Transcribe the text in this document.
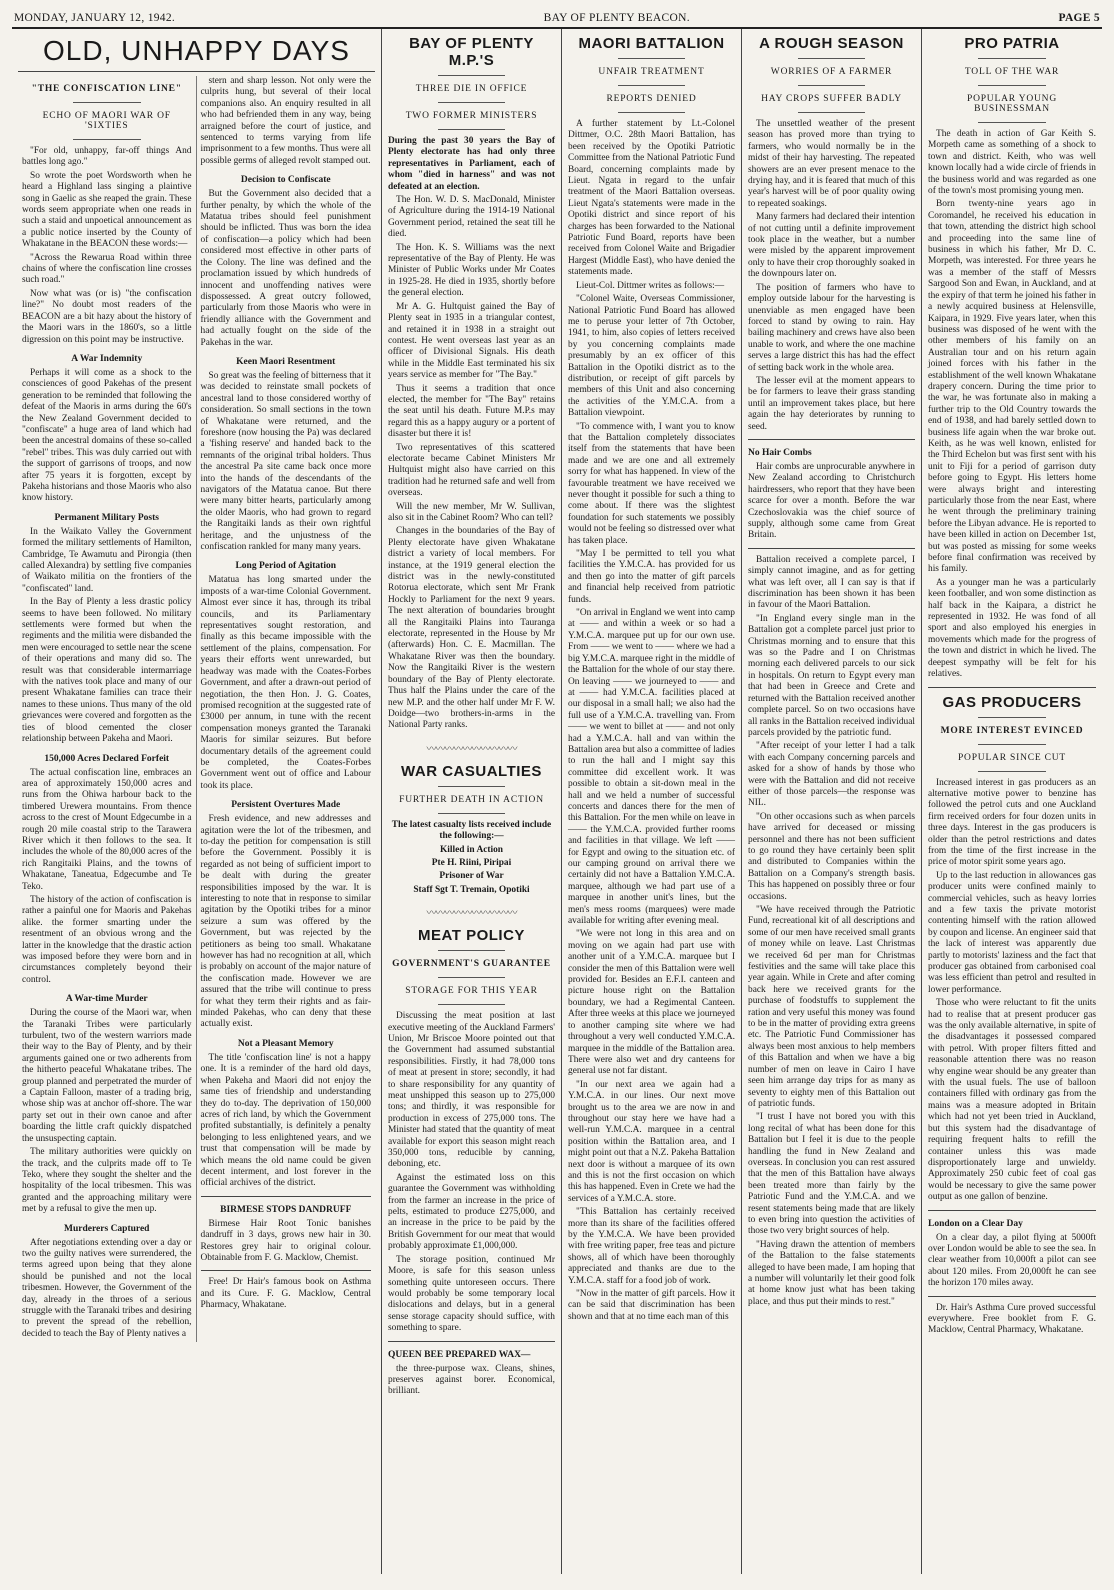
MONDAY, JANUARY 12, 1942.	BAY OF PLENTY BEACON.	PAGE 5
OLD, UNHAPPY DAYS
"THE CONFISCATION LINE"
ECHO OF MAORI WAR OF 'SIXTIES

"For old, unhappy, far-off things And battles long ago."

So wrote the poet Wordsworth when he heard a Highland lass singing a plaintive song in Gaelic as she reaped the grain. These words seem appropriate when one reads in such a staid and unpoetical announcement as a public notice inserted by the County of Whakatane in the BEACON these words:—

"Across the Rewarua Road within three chains of where the confiscation line crosses such road."

Now what was (or is) "the confiscation line?" No doubt most readers of the BEACON are a bit hazy about the history of the Maori wars in the 1860's, so a little digression on this point may be instructive.

A War Indemnity

Perhaps it will come as a shock to the consciences of good Pakehas of the present generation to be reminded that following the defeat of the Maoris in arms during the 60's the New Zealand Government decided to "confiscate" a huge area of land which had been the ancestral domains of these so-called "rebel" tribes. This was duly carried out with the support of garrisons of troops, and now after 75 years it is forgotten, except by Pakeha historians and those Maoris who also know history.

Permanent Military Posts

In the Waikato Valley the Government formed the military settlements of Hamilton, Cambridge, Te Awamutu and Pirongia (then called Alexandra) by settling five companies of Waikato militia on the frontiers of the "confiscated" land.

In the Bay of Plenty a less drastic policy seems to have been followed. No military settlements were formed but when the regiments and the militia were disbanded the men were encouraged to settle near the scene of their operations and many did so. The result was that considerable intermarriage with the natives took place and many of our present Whakatane families can trace their names to these unions. Thus many of the old grievances were covered and forgotten as the ties of blood cemented the closer relationship between Pakeha and Maori.

150,000 Acres Declared Forfeit

The actual confiscation line, embraces an area of approximately 150,000 acres and runs from the Ohiwa harbour back to the timbered Urewera mountains. From thence across to the crest of Mount Edgecumbe in a rough 20 mile coastal strip to the Tarawera River which it then follows to the sea. It includes the whole of the 80,000 acres of the rich Rangitaiki Plains, and the towns of Whakatane, Taneatua, Edgecumbe and Te Teko.

The history of the action of confiscation is rather a painful one for Maoris and Pakehas alike. the former smarting under the resentment of an obvious wrong and the latter in the knowledge that the drastic action was imposed before they were born and in circumstances completely beyond their control.

A War-time Murder

During the course of the Maori war, when the Taranaki Tribes were particularly turbulent, two of the western warriors made their way to the Bay of Plenty, and by their arguments gained one or two adherents from the hitherto peaceful Whakatane tribes. The group planned and perpetrated the murder of a Captain Falloon, master of a trading brig, whose ship was at anchor off-shore. The war party set out in their own canoe and after boarding the little craft quickly dispatched the unsuspecting captain.

The military authorities were quickly on the track, and the culprits made off to Te Teko, where they sought the shelter and the hospitality of the local tribesmen. This was granted and the approaching military were met by a refusal to give the men up.

Murderers Captured

After negotiations extending over a day or two the guilty natives were surrendered, the terms agreed upon being that they alone should be punished and not the local tribesmen. However, the Government of the day, already in the throes of a serious struggle with the Taranaki tribes and desiring to prevent the spread of the rebellion, decided to teach the Bay of Plenty natives a

stern and sharp lesson. Not only were the culprits hung, but several of their local companions also. An enquiry resulted in all who had befriended them in any way, being arraigned before the court of justice, and sentenced to terms varying from life imprisonment to a few months. Thus were all possible germs of alleged revolt stamped out.

Decision to Confiscate

But the Government also decided that a further penalty, by which the whole of the Matatua tribes should feel punishment should be inflicted. Thus was born the idea of confiscation—a policy which had been considered most effective in other parts of the Colony. The line was defined and the proclamation issued by which hundreds of innocent and unoffending natives were dispossessed. A great outcry followed, particularly from those Maoris who were in friendly alliance with the Government and had actually fought on the side of the Pakehas in the war.

Keen Maori Resentment

So great was the feeling of bitterness that it was decided to reinstate small pockets of ancestral land to those considered worthy of consideration. So small sections in the town of Whakatane were returned, and the foreshore (now housing the Pa) was declared a 'fishing reserve' and handed back to the remnants of the original tribal holders. Thus the ancestral Pa site came back once more into the hands of the descendants of the navigators of the Matatua canoe. But there were many bitter hearts, particularly among the older Maoris, who had grown to regard the Rangitaiki lands as their own rightful heritage, and the unjustness of the confiscation rankled for many many years.

Long Period of Agitation

Matatua has long smarted under the imposts of a war-time Colonial Government. Almost ever since it has, through its tribal councils, and its Parliamentary representatives sought restoration, and finally as this became impossible with the settlement of the plains, compensation. For years their efforts went unrewarded, but headway was made with the Coates-Forbes Government, and after a drawn-out period of negotiation, the then Hon. J. G. Coates, promised recognition at the suggested rate of £3000 per annum, in tune with the recent compensation moneys granted the Taranaki Maoris for similar seizures. But before documentary details of the agreement could be completed, the Coates-Forbes Government went out of office and Labour took its place.

Persistent Overtures Made

Fresh evidence, and new addresses and agitation were the lot of the tribesmen, and to-day the petition for compensation is still before the Government. Possibly it is regarded as not being of sufficient import to be dealt with during the greater responsibilities imposed by the war. It is interesting to note that in response to similar agitation by the Opotiki tribes for a minor seizure a sum was offered by the Government, but was rejected by the petitioners as being too small. Whakatane however has had no recognition at all, which is probably on account of the major nature of the confiscation made. However we are assured that the tribe will continue to press for what they term their rights and as fair-minded Pakehas, who can deny that these actually exist.

Not a Pleasant Memory

The title 'confiscation line' is not a happy one. It is a reminder of the hard old days, when Pakeha and Maori did not enjoy the same ties of friendship and understanding they do to-day. The deprivation of 150,000 acres of rich land, by which the Government profited substantially, is definitely a penalty belonging to less enlightened years, and we trust that compensation will be made by which means the old name could be given decent interment, and lost forever in the official archives of the district.

BIRMESE STOPS DANDRUFF

Birmese Hair Root Tonic banishes dandruff in 3 days, grows new hair in 30. Restores grey hair to original colour. Obtainable from F. G. Macklow, Chemist.

Free! Dr Hair's famous book on Asthma and its Cure. F. G. Macklow, Central Pharmacy, Whakatane.

BAY OF PLENTY M.P.'S
THREE DIE IN OFFICE
TWO FORMER MINISTERS

During the past 30 years the Bay of Plenty electorate has had only three representatives in Parliament, each of whom "died in harness" and was not defeated at an election.

The Hon. W. D. S. MacDonald, Minister of Agriculture during the 1914-19 National Government period, retained the seat till he died.

The Hon. K. S. Williams was the next representative of the Bay of Plenty. He was Minister of Public Works under Mr Coates in 1925-28. He died in 1935, shortly before the general election.

Mr A. G. Hultquist gained the Bay of Plenty seat in 1935 in a triangular contest, and retained it in 1938 in a straight out contest. He went overseas last year as an officer of Divisional Signals. His death while in the Middle East terminated his six years service as member for "The Bay."

Thus it seems a tradition that once elected, the member for "The Bay" retains the seat until his death. Future M.P.s may regard this as a happy augury or a portent of disaster but there it is!

Two representatives of this scattered electorate became Cabinet Ministers Mr Hultquist might also have carried on this tradition had he returned safe and well from overseas.

Will the new member, Mr W. Sullivan, also sit in the Cabinet Room? Who can tell?

Changes in the boundaries of the Bay of Plenty electorate have given Whakatane district a variety of local members. For instance, at the 1919 general election the district was in the newly-constituted Rotorua electorate, which sent Mr Frank Hockly to Parliament for the next 9 years. The next alteration of boundaries brought all the Rangitaiki Plains into Tauranga electorate, represented in the House by Mr (afterwards) Hon. C. E. Macmillan. The Whakatane River was then the boundary. Now the Rangitaiki River is the western boundary of the Bay of Plenty electorate. Thus half the Plains under the care of the new M.P. and the other half under Mr F. W. Doidge—two brothers-in-arms in the National Party ranks.

〰〰〰〰〰〰〰〰〰〰
WAR CASUALTIES
FURTHER DEATH IN ACTION

The latest casualty lists received include the following:—

Killed in Action

Pte H. Riini, Piripai

Prisoner of War

Staff Sgt T. Tremain, Opotiki

〰〰〰〰〰〰〰〰〰〰
MEAT POLICY
GOVERNMENT'S GUARANTEE
STORAGE FOR THIS YEAR

Discussing the meat position at last executive meeting of the Auckland Farmers' Union, Mr Briscoe Moore pointed out that the Government had assumed substantial responsibilities. Firstly, it had 78,000 tons of meat at present in store; secondly, it had to share responsibility for any quantity of meat unshipped this season up to 275,000 tons; and thirdly, it was responsible for production in excess of 275,000 tons. The Minister had stated that the quantity of meat available for export this season might reach 350,000 tons, reducible by canning, deboning, etc.

Against the estimated loss on this guarantee the Government was withholding from the farmer an increase in the price of pelts, estimated to produce £275,000, and an increase in the price to be paid by the British Government for our meat that would probably approximate £1,000,000.

The storage position, continued Mr Moore, is safe for this season unless something quite untoreseen occurs. There would probably be some temporary local dislocations and delays, but in a general sense storage capacity should suffice, with something to spare.

QUEEN BEE PREPARED WAX—

the three-purpose wax. Cleans, shines, preserves against borer. Economical, brilliant.

MAORI BATTALION
UNFAIR TREATMENT
REPORTS DENIED

A further statement by Lt.-Colonel Dittmer, O.C. 28th Maori Battalion, has been received by the Opotiki Patriotic Committee from the National Patriotic Fund Board, concerning complaints made by Lieut. Ngata in regard to the unfair treatment of the Maori Battalion overseas. Lieut Ngata's statements were made in the Opotiki district and since report of his charges has been forwarded to the National Patriotic Fund Board, reports have been received from Colonel Waite and Brigadier Hargest (Middle East), who have denied the statements made.

Lieut-Col. Dittmer writes as follows:—

"Colonel Waite, Overseas Commissioner, National Patriotic Fund Board has allowed me to peruse your letter of 7th October, 1941, to him, also copies of letters received by you concerning complaints made presumably by an ex officer of this Battalion in the Opotiki district as to the distribution, or receipt of gift parcels by members of this Unit and also concerning the activities of the Y.M.C.A. from a Battalion viewpoint.

"To commence with, I want you to know that the Battalion completely dissociates itself from the statements that have been made and we are one and all extremely sorry for what has happened. In view of the favourable treatment we have received we never thought it possible for such a thing to come about. If there was the slightest foundation for such statements we possibly would not be feeling so distressed over what has taken place.

"May I be permitted to tell you what facilities the Y.M.C.A. has provided for us and then go into the matter of gift parcels and financial help received from patriotic funds.

"On arrival in England we went into camp at —— and within a week or so had a Y.M.C.A. marquee put up for our own use. From —— we went to —— where we had a big Y.M.C.A. marquee right in the middle of the Battalion for the whole of our stay there. On leaving —— we journeyed to —— and at —— had Y.M.C.A. facilities placed at our disposal in a small hall; we also had the full use of a Y.M.C.A. travelling van. From —— we went to billet at —— and not only had a Y.M.C.A. hall and van within the Battalion area but also a committee of ladies to run the hall and I might say this committee did excellent work. It was possible to obtain a sit-down meal in the hall and we held a number of successful concerts and dances there for the men of this Battalion. For the men while on leave in —— the Y.M.C.A. provided further rooms and facilities in that village. We left —— for Egypt and owing to the situation etc. of our camping ground on arrival there we certainly did not have a Battalion Y.M.C.A. marquee, although we had part use of a marquee in another unit's lines, but the men's mess rooms (marquees) were made available for writing after evening meal.

"We were not long in this area and on moving on we again had part use with another unit of a Y.M.C.A. marquee but I consider the men of this Battalion were well provided for. Besides an E.F.I. canteen and picture house right on the Battalion boundary, we had a Regimental Canteen. After three weeks at this place we journeyed to another camping site where we had throughout a very well conducted Y.M.C.A. marquee in the middle of the Battalion area. There were also wet and dry canteens for general use not far distant.

"In our next area we again had a Y.M.C.A. in our lines. Our next move brought us to the area we are now in and throughout our stay here we have had a well-run Y.M.C.A. marquee in a central position within the Battalion area, and I might point out that a N.Z. Pakeha Battalion next door is without a marquee of its own and this is not the first occasion on which this has happened. Even in Crete we had the services of a Y.M.C.A. store.

"This Battalion has certainly received more than its share of the facilities offered by the Y.M.C.A. We have been provided with free writing paper, free teas and picture shows, all of which have been thoroughly appreciated and thanks are due to the Y.M.C.A. staff for a food job of work.

"Now in the matter of gift parcels. How it can be said that discrimination has been shown and that at no time each man of this

A ROUGH SEASON
WORRIES OF A FARMER
HAY CROPS SUFFER BADLY

The unsettled weather of the present season has proved more than trying to farmers, who would normally be in the midst of their hay harvesting. The repeated showers are an ever present menace to the drying hay, and it is feared that much of this year's harvest will be of poor quality owing to repeated soakings.

Many farmers had declared their intention of not cutting until a definite improvement took place in the weather, but a number were misled by the apparent improvement only to have their crop thoroughly soaked in the downpours later on.

The position of farmers who have to employ outside labour for the harvesting is unenviable as men engaged have been forced to stand by owing to rain. Hay bailing machinery and crews have also been unable to work, and where the one machine serves a large district this has had the effect of setting back work in the whole area.

The lesser evil at the moment appears to be for farmers to leave their grass standing until an improvement takes place, but here again the hay deteriorates by running to seed.

No Hair Combs

Hair combs are unprocurable anywhere in New Zealand according to Christchurch hairdressers, who report that they have been scarce for over a month. Before the war Czechoslovakia was the chief source of supply, although some came from Great Britain.

Battalion received a complete parcel, I simply cannot imagine, and as for getting what was left over, all I can say is that if discrimination has been shown it has been in favour of the Maori Battalion.

"In England every single man in the Battalion got a complete parcel just prior to Christmas morning and to ensure that this was so the Padre and I on Christmas morning each delivered parcels to our sick in hospitals. On return to Egypt every man that had been in Greece and Crete and returned with the Battalion received another complete parcel. So on two occasions have all ranks in the Battalion received individual parcels provided by the patriotic fund.

"After receipt of your letter I had a talk with each Company concerning parcels and asked for a show of hands by those who were with the Battalion and did not receive either of those parcels—the response was NIL.

"On other occasions such as when parcels have arrived for deceased or missing personnel and there has not been sufficient to go round they have certainly been split and distributed to Companies within the Battalion on a Company's strength basis. This has happened on possibly three or four occasions.

"We have received through the Patriotic Fund, recreational kit of all descriptions and some of our men have received small grants of money while on leave. Last Christmas we received 6d per man for Christmas festivities and the same will take place this year again. While in Crete and after coming back here we received grants for the purchase of foodstuffs to supplement the ration and very useful this money was found to be in the matter of providing extra greens etc. The Patriotic Fund Commissioner has always been most anxious to help members of this Battalion and when we have a big number of men on leave in Cairo I have seen him arrange day trips for as many as seventy to eighty men of this Battalion out of patriotic funds.

"I trust I have not bored you with this long recital of what has been done for this Battalion but I feel it is due to the people handling the fund in New Zealand and overseas. In conclusion you can rest assured that the men of this Battalion have always been treated more than fairly by the Patriotic Fund and the Y.M.C.A. and we resent statements being made that are likely to even bring into question the activities of those two very bright sources of help.

"Having drawn the attention of members of the Battalion to the false statements alleged to have been made, I am hoping that a number will voluntarily let their good folk at home know just what has been taking place, and thus put their minds to rest."

PRO PATRIA
TOLL OF THE WAR
POPULAR YOUNG BUSINESSMAN

The death in action of Gar Keith S. Morpeth came as something of a shock to town and district. Keith, who was well known locally had a wide circle of friends in the business world and was regarded as one of the town's most promising young men.

Born twenty-nine years ago in Coromandel, he received his education in that town, attending the district high school and proceeding into the same line of business in which his father, Mr D. C. Morpeth, was interested. For three years he was a member of the staff of Messrs Sargood Son and Ewan, in Auckland, and at the expiry of that term he joined his father in a newly acquired business at Helensville, Kaipara, in 1929. Five years later, when this business was disposed of he went with the other members of his family on an Australian tour and on his return again joined forces with his father in the establishment of the well known Whakatane drapery concern. During the time prior to the war, he was fortunate also in making a further trip to the Old Country towards the end of 1938, and had barely settled down to business life again when the war broke out. Keith, as he was well known, enlisted for the Third Echelon but was first sent with his unit to Fiji for a period of garrison duty before going to Egypt. His letters home were always bright and interesting particularly those from the near East, where he went through the preliminary training before the Libyan advance. He is reported to have been killed in action on December 1st, but was posted as missing for some weeks before final confirmation was received by his family.

As a younger man he was a particularly keen footballer, and won some distinction as half back in the Kaipara, a district he represented in 1932. He was fond of all sport and also employed his energies in movements which made for the progress of the town and district in which he lived. The deepest sympathy will be felt for his relatives.

GAS PRODUCERS
MORE INTEREST EVINCED
POPULAR SINCE CUT

Increased interest in gas producers as an alternative motive power to benzine has followed the petrol cuts and one Auckland firm received orders for four dozen units in three days. Interest in the gas producers is older than the petrol restrictions and dates from the time of the first increase in the price of motor spirit some years ago.

Up to the last reduction in allowances gas producer units were confined mainly to commercial vehicles, such as heavy lorries and a few taxis the private motorist contenting himself with the ration allowed by coupon and license. An engineer said that the lack of interest was apparently due partly to motorists' laziness and the fact that producer gas obtained from carbonised coal was less efficient than petrol and resulted in lower performance.

Those who were reluctant to fit the units had to realise that at present producer gas was the only available alternative, in spite of the disadvantages it possessed compared with petrol. With proper filters fitted and reasonable attention there was no reason why engine wear should be any greater than with the usual fuels. The use of balloon containers filled with ordinary gas from the mains was a measure adopted in Britain which had not yet been tried in Auckland, but this system had the disadvantage of requiring frequent halts to refill the container unless this was made disproportionately large and unwieldy. Approximately 250 cubic feet of coal gas would be necessary to give the same power output as one gallon of benzine.

London on a Clear Day

On a clear day, a pilot flying at 5000ft over London would be able to see the sea. In clear weather from 10,000ft a pilot can see about 120 miles. From 20,000ft he can see the horizon 170 miles away.

Dr. Hair's Asthma Cure proved successful everywhere. Free booklet from F. G. Macklow, Central Pharmacy, Whakatane.
